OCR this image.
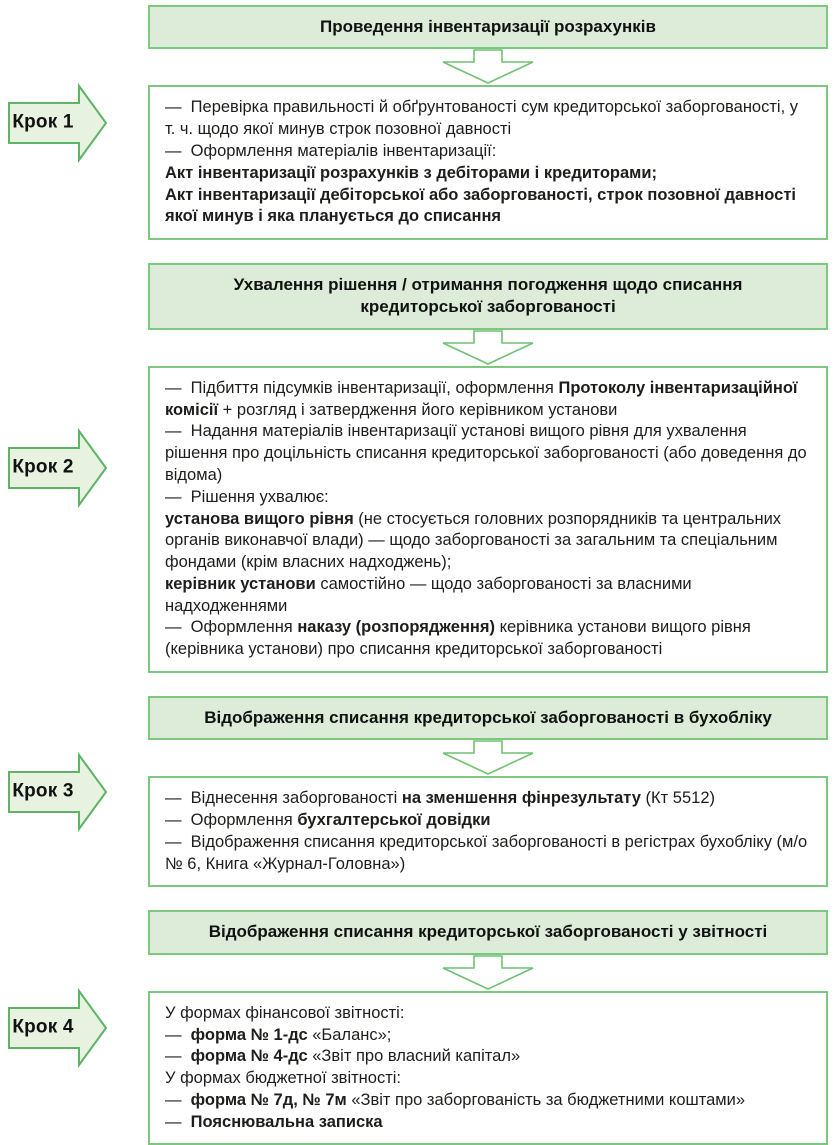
Крок 1
Проведення інвентаризації розрахунків
—  Перевірка правильності й обґрунтованості сум кредиторської заборгованості, у т. ч. щодо якої минув строк позовної давності
—  Оформлення матеріалів інвентаризації:
Акт інвентаризації розрахунків з дебіторами і кредиторами;
Акт інвентаризації дебіторської або заборгованості, строк позовної давності якої минув і яка планується до списання
Крок 2
Ухвалення рішення / отримання погодження щодо списання кредиторської заборгованості
—  Підбиття підсумків інвентаризації, оформлення Протоколу інвентаризаційної комісії + розгляд і затвердження його керівником установи
—  Надання матеріалів інвентаризації установі вищого рівня для ухвалення рішення про доцільність списання кредиторської заборгованості (або доведення до відома)
—  Рішення ухвалює:
установа вищого рівня (не стосується головних розпорядників та центральних органів виконавчої влади) — щодо заборгованості за загальним та спеціальним фондами (крім власних надходжень);
керівник установи самостійно — щодо заборгованості за власними надходженнями
—  Оформлення наказу (розпорядження) керівника установи вищого рівня (керівника установи) про списання кредиторської заборгованості
Крок 3
Відображення списання кредиторської заборгованості в бухобліку
—  Віднесення заборгованості на зменшення фінрезультату (Кт 5512)
—  Оформлення бухгалтерської довідки
—  Відображення списання кредиторської заборгованості в регістрах бухобліку (м/о № 6, Книга «Журнал-Головна»)
Крок 4
Відображення списання кредиторської заборгованості у звітності
У формах фінансової звітності:
—  форма № 1-дс «Баланс»;
—  форма № 4-дс «Звіт про власний капітал»
У формах бюджетної звітності:
—  форма № 7д, № 7м «Звіт про заборгованість за бюджетними коштами»
—  Пояснювальна записка
